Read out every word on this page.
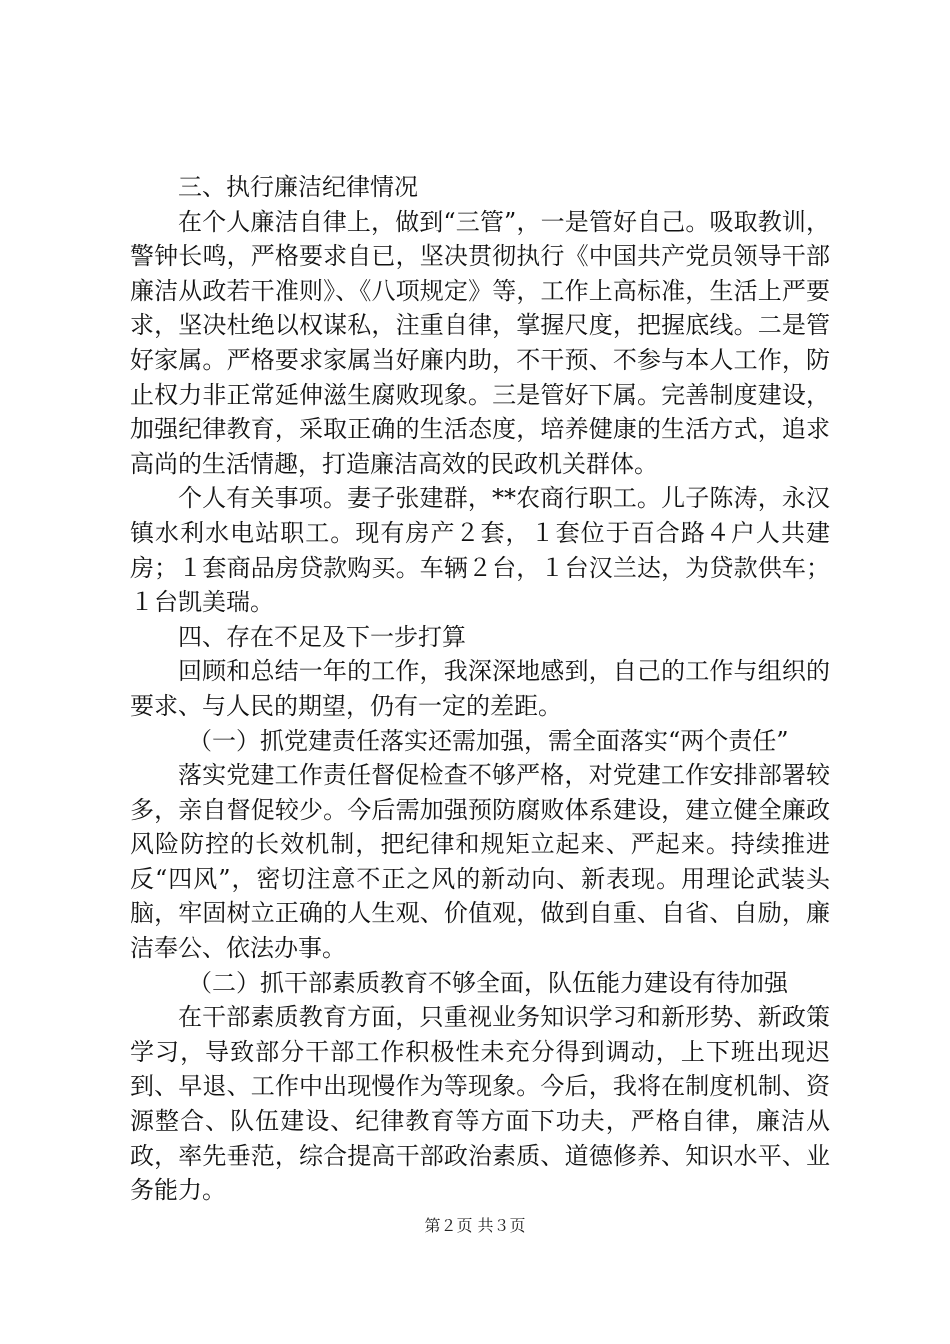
三、执行廉洁纪律情况

在个人廉洁自律上，做到“三管”，一是管好自己。吸取教训，警钟长鸣，严格要求自已，坚决贯彻执行《中国共产党员领导干部廉洁从政若干准则》、《八项规定》等，工作上高标准，生活上严要求，坚决杜绝以权谋私，注重自律，掌握尺度，把握底线。二是管好家属。严格要求家属当好廉内助，不干预、不参与本人工作，防止权力非正常延伸滋生腐败现象。三是管好下属。完善制度建设，加强纪律教育，采取正确的生活态度，培养健康的生活方式，追求高尚的生活情趣，打造廉洁高效的民政机关群体。

个人有关事项。妻子张建群，**农商行职工。儿子陈涛，永汉镇水利水电站职工。现有房产２套，１套位于百合路４户人共建房；１套商品房贷款购买。车辆２台，１台汉兰达，为贷款供车；１台凯美瑞。

四、存在不足及下一步打算

回顾和总结一年的工作，我深深地感到，自己的工作与组织的要求、与人民的期望，仍有一定的差距。

（一）抓党建责任落实还需加强，需全面落实“两个责任”

落实党建工作责任督促检查不够严格，对党建工作安排部署较多，亲自督促较少。今后需加强预防腐败体系建设，建立健全廉政风险防控的长效机制，把纪律和规矩立起来、严起来。持续推进反“四风”，密切注意不正之风的新动向、新表现。用理论武装头脑，牢固树立正确的人生观、价值观，做到自重、自省、自励，廉洁奉公、依法办事。

（二）抓干部素质教育不够全面，队伍能力建设有待加强

在干部素质教育方面，只重视业务知识学习和新形势、新政策学习，导致部分干部工作积极性未充分得到调动，上下班出现迟到、早退、工作中出现慢作为等现象。今后，我将在制度机制、资源整合、队伍建设、纪律教育等方面下功夫，严格自律，廉洁从政，率先垂范，综合提高干部政治素质、道德修养、知识水平、业务能力。

第２页 共３页
